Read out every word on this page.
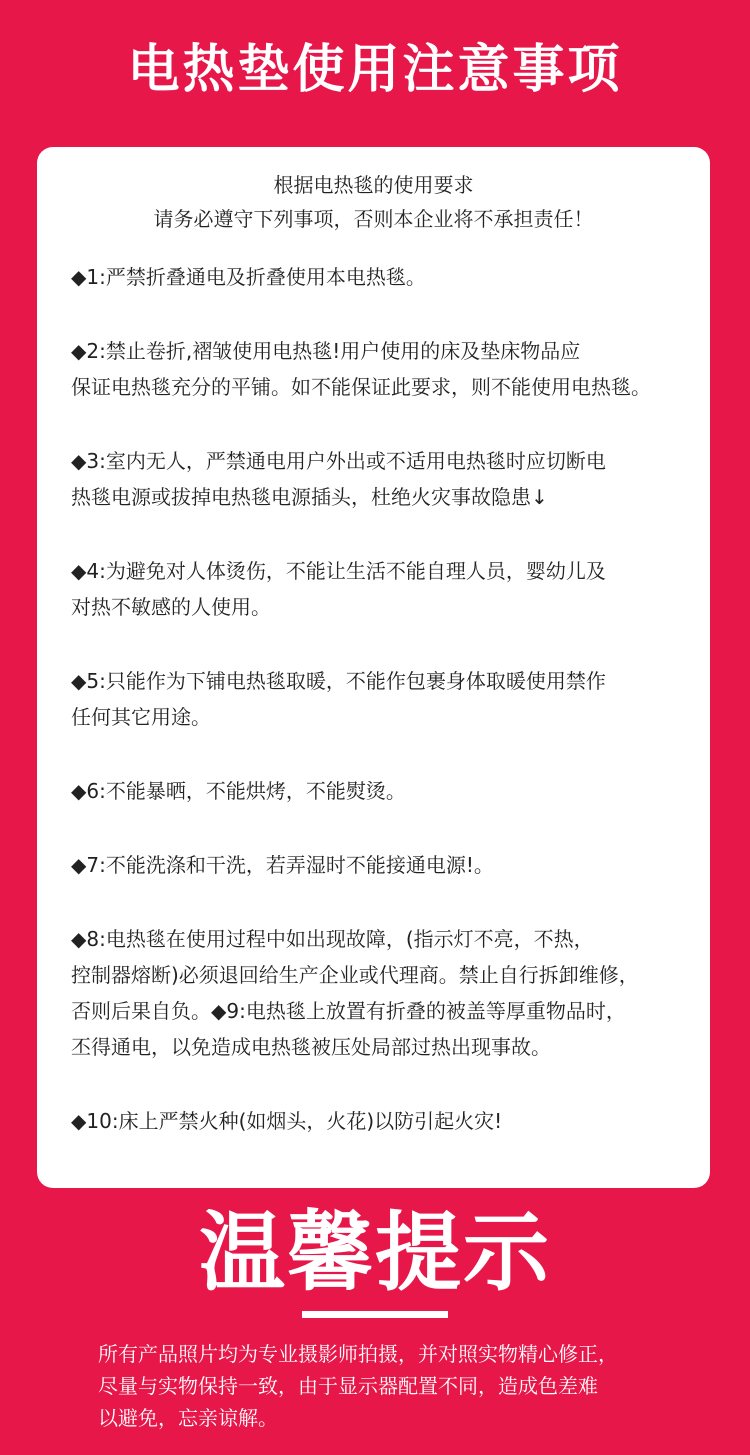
电热垫使用注意事项
根据电热毯的使用要求
请务必遵守下列事项，否则本企业将不承担责任！
◆1:严禁折叠通电及折叠使用本电热毯。
◆2:禁止卷折,褶皱使用电热毯!用户使用的床及垫床物品应
保证电热毯充分的平铺。如不能保证此要求，则不能使用电热毯。
◆3:室内无人，严禁通电用户外出或不适用电热毯时应切断电
热毯电源或拔掉电热毯电源插头，杜绝火灾事故隐患↓
◆4:为避免对人体烫伤，不能让生活不能自理人员，婴幼儿及
对热不敏感的人使用。
◆5:只能作为下铺电热毯取暖，不能作包裹身体取暖使用禁作
任何其它用途。
◆6:不能暴晒，不能烘烤，不能熨烫。
◆7:不能洗涤和干洗，若弄湿时不能接通电源!。
◆8:电热毯在使用过程中如出现故障，(指示灯不亮，不热，
控制器熔断)必须退回给生产企业或代理商。禁止自行拆卸维修，
否则后果自负。◆9:电热毯上放置有折叠的被盖等厚重物品时，
丕得通电，以免造成电热毯被压处局部过热出现事故。
◆10:床上严禁火种(如烟头，火花)以防引起火灾!
温馨提示
所有产品照片均为专业摄影师拍摄，并对照实物精心修正，
尽量与实物保持一致，由于显示器配置不同，造成色差难
以避免，忘亲谅解。
